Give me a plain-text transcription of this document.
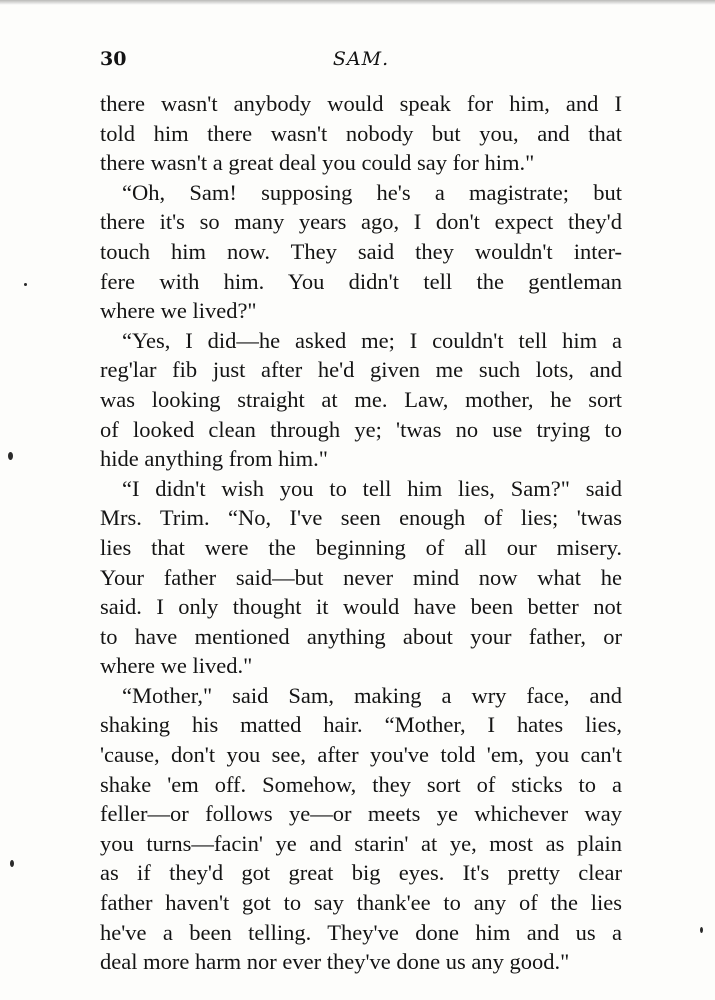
30	SAM.
there wasn't anybody would speak for him, and I
told him there wasn't nobody but you, and that
there wasn't a great deal you could say for him."
“Oh, Sam! supposing he's a magistrate; but
there it's so many years ago, I don't expect they'd
touch him now. They said they wouldn't inter-
fere with him. You didn't tell the gentleman
where we lived?"
“Yes, I did—he asked me; I couldn't tell him a
reg'lar fib just after he'd given me such lots, and
was looking straight at me. Law, mother, he sort
of looked clean through ye; 'twas no use trying to
hide anything from him."
“I didn't wish you to tell him lies, Sam?" said
Mrs. Trim. “No, I've seen enough of lies; 'twas
lies that were the beginning of all our misery.
Your father said—but never mind now what he
said. I only thought it would have been better not
to have mentioned anything about your father, or
where we lived."
“Mother," said Sam, making a wry face, and
shaking his matted hair. “Mother, I hates lies,
'cause, don't you see, after you've told 'em, you can't
shake 'em off. Somehow, they sort of sticks to a
feller—or follows ye—or meets ye whichever way
you turns—facin' ye and starin' at ye, most as plain
as if they'd got great big eyes. It's pretty clear
father haven't got to say thank'ee to any of the lies
he've a been telling. They've done him and us a
deal more harm nor ever they've done us any good."
